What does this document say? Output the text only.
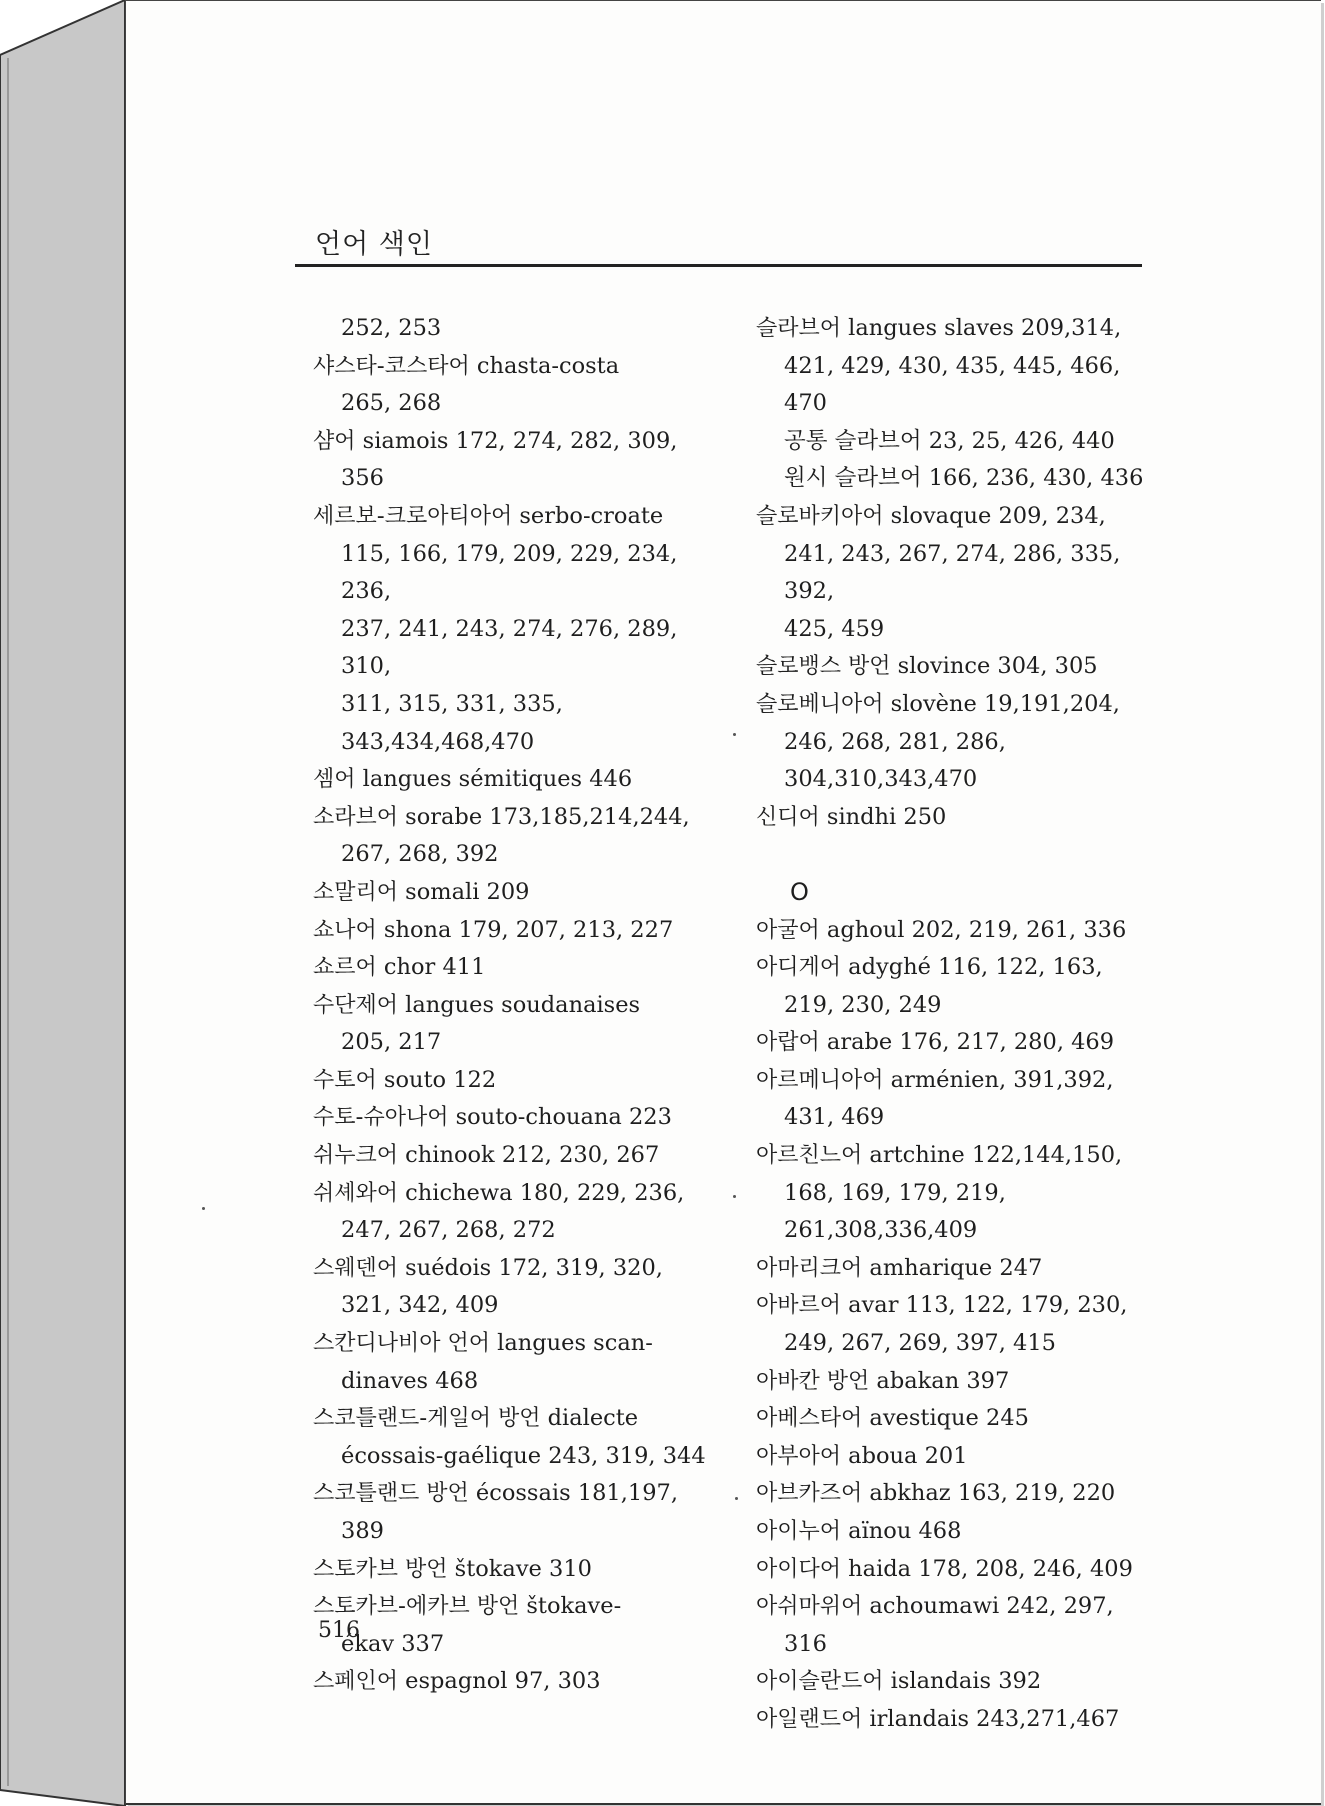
언어 색인
252, 253
샤스타-코스타어 chasta-costa
265, 268
샴어 siamois 172, 274, 282, 309,
356
세르보-크로아티아어 serbo-croate
115, 166, 179, 209, 229, 234, 236,
237, 241, 243, 274, 276, 289, 310,
311, 315, 331, 335, 343,434,468,470
셈어 langues sémitiques 446
소라브어 sorabe 173,185,214,244,
267, 268, 392
소말리어 somali 209
쇼나어 shona 179, 207, 213, 227
쇼르어 chor 411
수단제어 langues soudanaises
205, 217
수토어 souto 122
수토-슈아나어 souto-chouana 223
쉬누크어 chinook 212, 230, 267
쉬셰와어 chichewa 180, 229, 236,
247, 267, 268, 272
스웨덴어 suédois 172, 319, 320,
321, 342, 409
스칸디나비아 언어 langues scan-
dinaves 468
스코틀랜드-게일어 방언 dialecte
écossais-gaélique 243, 319, 344
스코틀랜드 방언 écossais 181,197,
389
스토카브 방언 štokave 310
스토카브-에카브 방언 štokave-
ékav 337
스페인어 espagnol 97, 303
슬라브어 langues slaves 209,314,
421, 429, 430, 435, 445, 466, 470
공통 슬라브어 23, 25, 426, 440
원시 슬라브어 166, 236, 430, 436
슬로바키아어 slovaque 209, 234,
241, 243, 267, 274, 286, 335, 392,
425, 459
슬로뱅스 방언 slovince 304, 305
슬로베니아어 slovène 19,191,204,
246, 268, 281, 286, 304,310,343,470
신디어 sindhi 250
O
아굴어 aghoul 202, 219, 261, 336
아디게어 adyghé 116, 122, 163,
219, 230, 249
아랍어 arabe 176, 217, 280, 469
아르메니아어 arménien, 391,392,
431, 469
아르친느어 artchine 122,144,150,
168, 169, 179, 219, 261,308,336,409
아마리크어 amharique 247
아바르어 avar 113, 122, 179, 230,
249, 267, 269, 397, 415
아바칸 방언 abakan 397
아베스타어 avestique 245
아부아어 aboua 201
아브카즈어 abkhaz 163, 219, 220
아이누어 aïnou 468
아이다어 haida 178, 208, 246, 409
아쉬마위어 achoumawi 242, 297,
316
아이슬란드어 islandais 392
아일랜드어 irlandais 243,271,467
516
